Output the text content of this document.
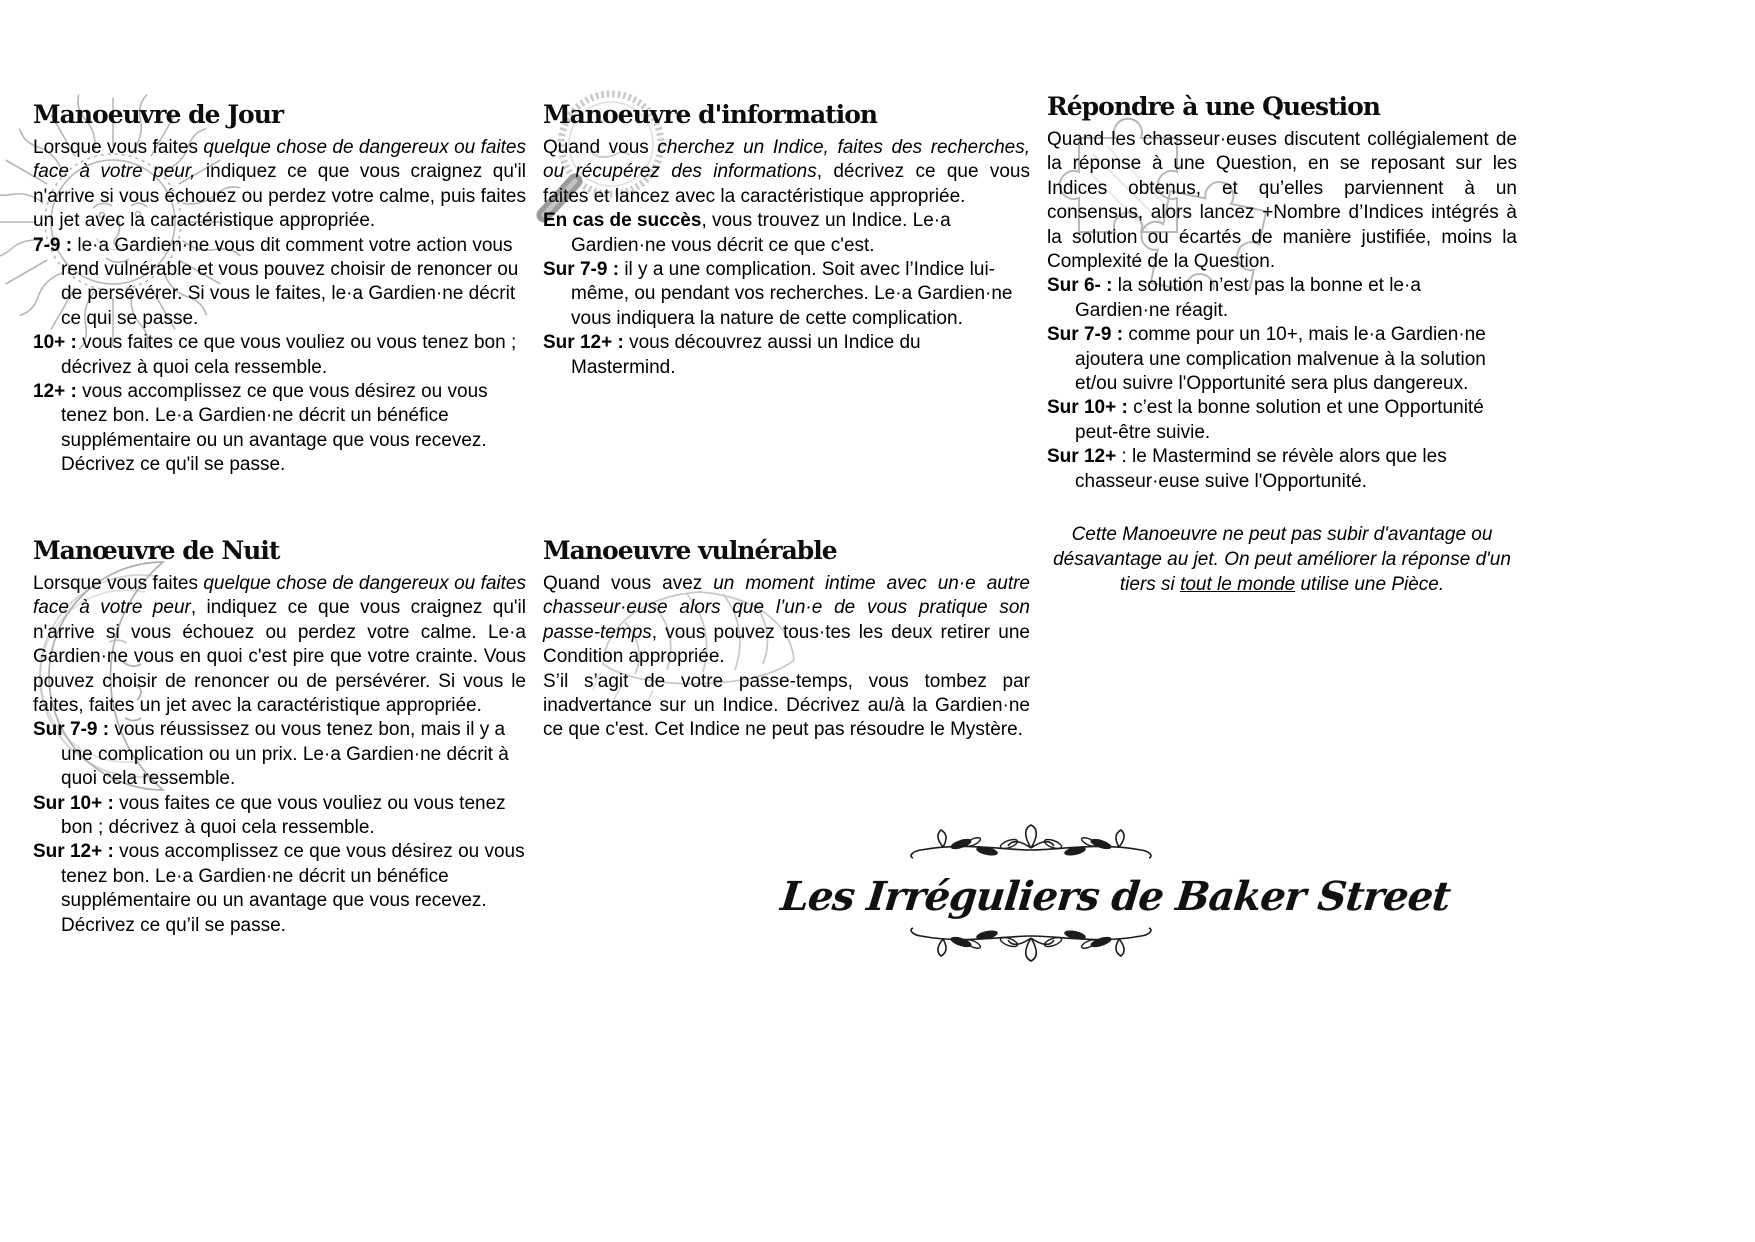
Manoeuvre de Jour

Lorsque vous faites quelque chose de dangereux ou faites face à votre peur, indiquez ce que vous craignez qu'il n'arrive si vous échouez ou perdez votre calme, puis faites un jet avec la caractéristique appropriée.

7-9 : le·a Gardien·ne vous dit comment votre action vous rend vulnérable et vous pouvez choisir de renoncer ou de persévérer. Si vous le faites, le·a Gardien·ne décrit ce qui se passe.
10+ : vous faites ce que vous vouliez ou vous tenez bon ; décrivez à quoi cela ressemble.
12+ : vous accomplissez ce que vous désirez ou vous tenez bon. Le·a Gardien·ne décrit un bénéfice supplémentaire ou un avantage que vous recevez. Décrivez ce qu'il se passe.
Manœuvre de Nuit

Lorsque vous faites quelque chose de dangereux ou faites face à votre peur, indiquez ce que vous craignez qu'il n'arrive si vous échouez ou perdez votre calme. Le·a Gardien·ne vous en quoi c'est pire que votre crainte. Vous pouvez choisir de renoncer ou de persévérer. Si vous le faites, faites un jet avec la caractéristique appropriée.

Sur 7-9 : vous réussissez ou vous tenez bon, mais il y a une complication ou un prix. Le·a Gardien·ne décrit à quoi cela ressemble.
Sur 10+ : vous faites ce que vous vouliez ou vous tenez bon ; décrivez à quoi cela ressemble.
Sur 12+ : vous accomplissez ce que vous désirez ou vous tenez bon. Le·a Gardien·ne décrit un bénéfice supplémentaire ou un avantage que vous recevez. Décrivez ce qu’il se passe.
Manoeuvre d'information

Quand vous cherchez un Indice, faites des recherches, ou récupérez des informations, décrivez ce que vous faites et lancez avec la caractéristique appropriée.

En cas de succès, vous trouvez un Indice. Le·a Gardien·ne vous décrit ce que c'est.
Sur 7-9 : il y a une complication. Soit avec l’Indice lui-même, ou pendant vos recherches. Le·a Gardien·ne vous indiquera la nature de cette complication.
Sur 12+ : vous découvrez aussi un Indice du Mastermind.
Manoeuvre vulnérable

Quand vous avez un moment intime avec un·e autre chasseur·euse alors que l’un·e de vous pratique son passe-temps, vous pouvez tous·tes les deux retirer une Condition appropriée.

S’il s’agit de votre passe-temps, vous tombez par inadvertance sur un Indice. Décrivez au/à la Gardien·ne ce que c'est. Cet Indice ne peut pas résoudre le Mystère.

Répondre à une Question

Quand les chasseur·euses discutent collégialement de la réponse à une Question, en se reposant sur les Indices obtenus, et qu’elles parviennent à un consensus, alors lancez +Nombre d’Indices intégrés à la solution ou écartés de manière justifiée, moins la Complexité de la Question.

Sur 6- : la solution n’est pas la bonne et le·a Gardien·ne réagit.
Sur 7-9 : comme pour un 10+, mais le·a Gardien·ne ajoutera une complication malvenue à la solution et/ou suivre l'Opportunité sera plus dangereux.
Sur 10+ : c’est la bonne solution et une Opportunité peut-être suivie.
Sur 12+ : le Mastermind se révèle alors que les chasseur·euse suive l'Opportunité.

Cette Manoeuvre ne peut pas subir d'avantage ou désavantage au jet. On peut améliorer la réponse d'un tiers si tout le monde utilise une Pièce.

Les Irréguliers de Baker Street
